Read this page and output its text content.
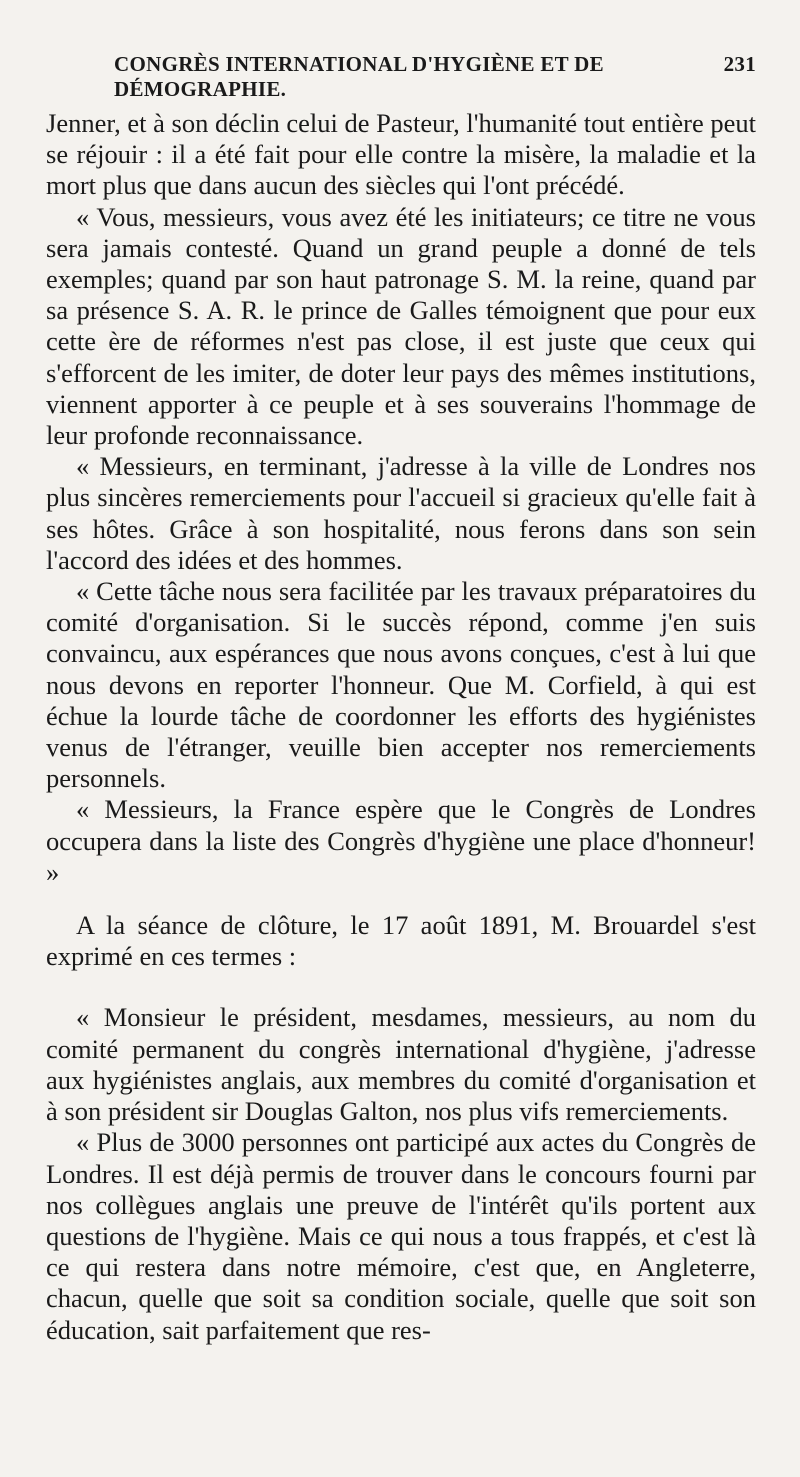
CONGRÈS INTERNATIONAL D'HYGIÈNE ET DE DÉMOGRAPHIE.
231

Jenner, et à son déclin celui de Pasteur, l'humanité tout entière peut se réjouir : il a été fait pour elle contre la misère, la maladie et la mort plus que dans aucun des siècles qui l'ont précédé.

« Vous, messieurs, vous avez été les initiateurs; ce titre ne vous sera jamais contesté. Quand un grand peuple a donné de tels exemples; quand par son haut patronage S. M. la reine, quand par sa présence S. A. R. le prince de Galles témoignent que pour eux cette ère de réformes n'est pas close, il est juste que ceux qui s'efforcent de les imiter, de doter leur pays des mêmes institutions, viennent apporter à ce peuple et à ses souverains l'hommage de leur profonde reconnaissance.

« Messieurs, en terminant, j'adresse à la ville de Londres nos plus sincères remerciements pour l'accueil si gracieux qu'elle fait à ses hôtes. Grâce à son hospitalité, nous ferons dans son sein l'accord des idées et des hommes.

« Cette tâche nous sera facilitée par les travaux préparatoires du comité d'organisation. Si le succès répond, comme j'en suis convaincu, aux espérances que nous avons conçues, c'est à lui que nous devons en reporter l'honneur. Que M. Corfield, à qui est échue la lourde tâche de coordonner les efforts des hygiénistes venus de l'étranger, veuille bien accepter nos remerciements personnels.

« Messieurs, la France espère que le Congrès de Londres occupera dans la liste des Congrès d'hygiène une place d'honneur! »

A la séance de clôture, le 17 août 1891, M. Brouardel s'est exprimé en ces termes :

« Monsieur le président, mesdames, messieurs, au nom du comité permanent du congrès international d'hygiène, j'adresse aux hygiénistes anglais, aux membres du comité d'organisation et à son président sir Douglas Galton, nos plus vifs remerciements.

« Plus de 3000 personnes ont participé aux actes du Congrès de Londres. Il est déjà permis de trouver dans le concours fourni par nos collègues anglais une preuve de l'intérêt qu'ils portent aux questions de l'hygiène. Mais ce qui nous a tous frappés, et c'est là ce qui restera dans notre mémoire, c'est que, en Angleterre, chacun, quelle que soit sa condition sociale, quelle que soit son éducation, sait parfaitement que res-
